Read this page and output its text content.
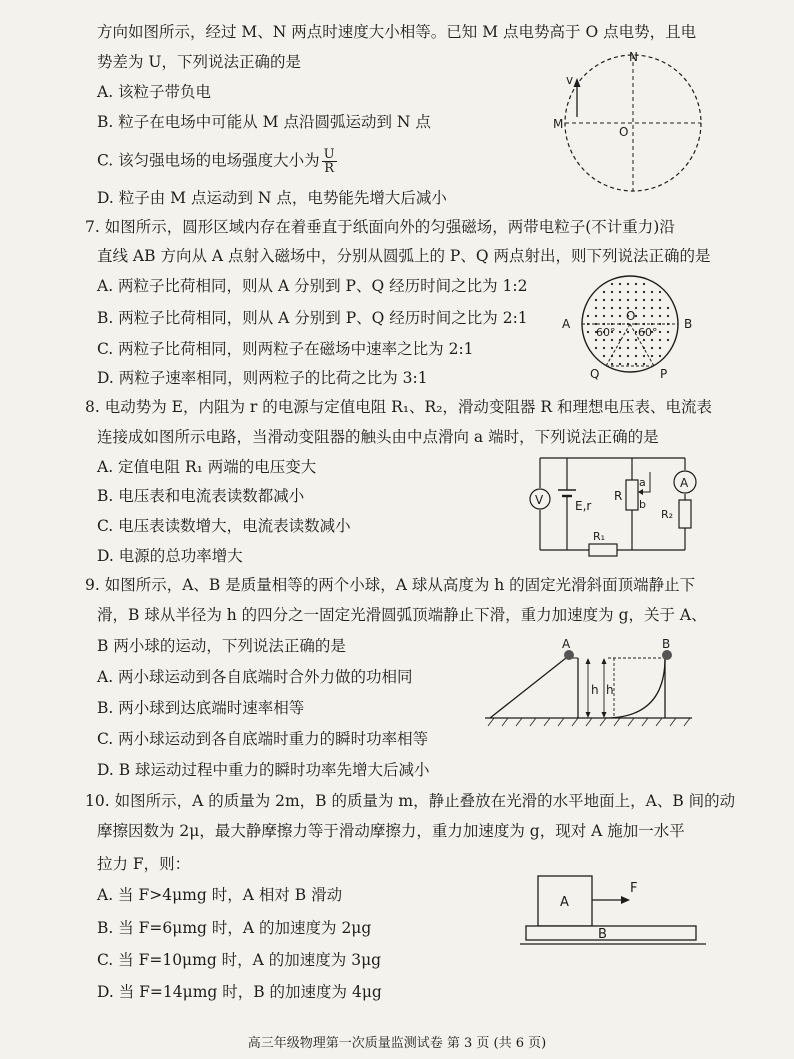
方向如图所示，经过 M、N 两点时速度大小相等。已知 M 点电势高于 O 点电势，且电
势差为 U，下列说法正确的是
A. 该粒子带负电
B. 粒子在电场中可能从 M 点沿圆弧运动到 N 点
C. 该匀强电场的电场强度大小为 $\frac{U}{R}$
D. 粒子由 M 点运动到 N 点，电势能先增大后减小
7. 如图所示，圆形区域内存在着垂直于纸面向外的匀强磁场，两带电粒子(不计重力)沿
直线 AB 方向从 A 点射入磁场中，分别从圆弧上的 P、Q 两点射出，则下列说法正确的是
A. 两粒子比荷相同，则从 A 分别到 P、Q 经历时间之比为 1:2
B. 两粒子比荷相同，则从 A 分别到 P、Q 经历时间之比为 2:1
C. 两粒子比荷相同，则两粒子在磁场中速率之比为 2:1
D. 两粒子速率相同，则两粒子的比荷之比为 3:1
8. 电动势为 E，内阻为 r 的电源与定值电阻 R₁、R₂，滑动变阻器 R 和理想电压表、电流表
连接成如图所示电路，当滑动变阻器的触头由中点滑向 a 端时，下列说法正确的是
A. 定值电阻 R₁ 两端的电压变大
B. 电压表和电流表读数都减小
C. 电压表读数增大，电流表读数减小
D. 电源的总功率增大
9. 如图所示，A、B 是质量相等的两个小球，A 球从高度为 h 的固定光滑斜面顶端静止下
滑，B 球从半径为 h 的四分之一固定光滑圆弧顶端静止下滑，重力加速度为 g，关于 A、
B 两小球的运动，下列说法正确的是
A. 两小球运动到各自底端时合外力做的功相同
B. 两小球到达底端时速率相等
C. 两小球运动到各自底端时重力的瞬时功率相等
D. B 球运动过程中重力的瞬时功率先增大后减小
10. 如图所示，A 的质量为 2m，B 的质量为 m，静止叠放在光滑的水平地面上，A、B 间的动
摩擦因数为 2μ，最大静摩擦力等于滑动摩擦力，重力加速度为 g，现对 A 施加一水平
拉力 F，则：
A. 当 F>4μmg 时，A 相对 B 滑动
B. 当 F=6μmg 时，A 的加速度为 2μg
C. 当 F=10μmg 时，A 的加速度为 3μg
D. 当 F=14μmg 时，B 的加速度为 4μg
高三年级物理第一次质量监测试卷 第 3 页 (共 6 页)
v
N
M
O
A	B
O
60° 60°
Q	P
V
A
E,r
R
a
b
R₁
R₂
A
h
B
h
A
B
F
